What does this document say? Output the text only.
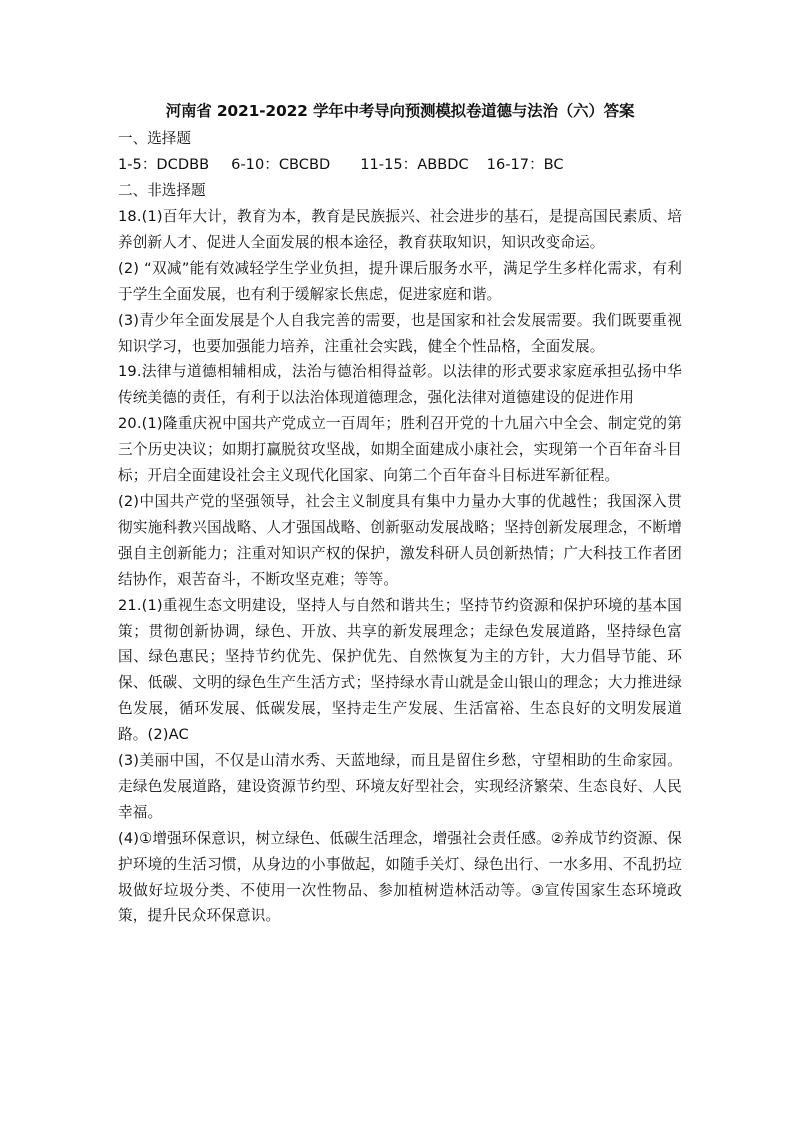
河南省 2021-2022 学年中考导向预测模拟卷道德与法治（六）答案

一、选择题

1-5：DCDBB 6-10：CBCBD 11-15：ABBDC 16-17：BC

二、非选择题

18.(1)百年大计，教育为本，教育是民族振兴、社会进步的基石，是提高国民素质、培养创新人才、促进人全面发展的根本途径，教育获取知识，知识改变命运。

(2) “双减”能有效减轻学生学业负担，提升课后服务水平，满足学生多样化需求，有利于学生全面发展，也有利于缓解家长焦虑，促进家庭和谐。

(3)青少年全面发展是个人自我完善的需要，也是国家和社会发展需要。我们既要重视知识学习，也要加强能力培养，注重社会实践，健全个性品格，全面发展。

19.法律与道德相辅相成，法治与德治相得益彰。以法律的形式要求家庭承担弘扬中华传统美德的责任，有利于以法治体现道德理念，强化法律对道德建设的促进作用

20.(1)隆重庆祝中国共产党成立一百周年；胜利召开党的十九届六中全会、制定党的第三个历史决议；如期打赢脱贫攻坚战，如期全面建成小康社会，实现第一个百年奋斗目标；开启全面建设社会主义现代化国家、向第二个百年奋斗目标进军新征程。

(2)中国共产党的坚强领导，社会主义制度具有集中力量办大事的优越性；我国深入贯彻实施科教兴国战略、人才强国战略、创新驱动发展战略；坚持创新发展理念，不断增强自主创新能力；注重对知识产权的保护，激发科研人员创新热情；广大科技工作者团结协作，艰苦奋斗，不断攻坚克难；等等。

21.(1)重视生态文明建设，坚持人与自然和谐共生；坚持节约资源和保护环境的基本国策；贯彻创新协调，绿色、开放、共享的新发展理念；走绿色发展道路，坚持绿色富国、绿色惠民；坚持节约优先、保护优先、自然恢复为主的方针，大力倡导节能、环保、低碳、文明的绿色生产生活方式；坚持绿水青山就是金山银山的理念；大力推进绿色发展，循环发展、低碳发展，坚持走生产发展、生活富裕、生态良好的文明发展道路。(2)AC

(3)美丽中国，不仅是山清水秀、天蓝地绿，而且是留住乡愁，守望相助的生命家园。走绿色发展道路，建设资源节约型、环境友好型社会，实现经济繁荣、生态良好、人民幸福。

(4)①增强环保意识，树立绿色、低碳生活理念，增强社会责任感。②养成节约资源、保护环境的生活习惯，从身边的小事做起，如随手关灯、绿色出行、一水多用、不乱扔垃圾做好垃圾分类、不使用一次性物品、参加植树造林活动等。③宣传国家生态环境政策，提升民众环保意识。
